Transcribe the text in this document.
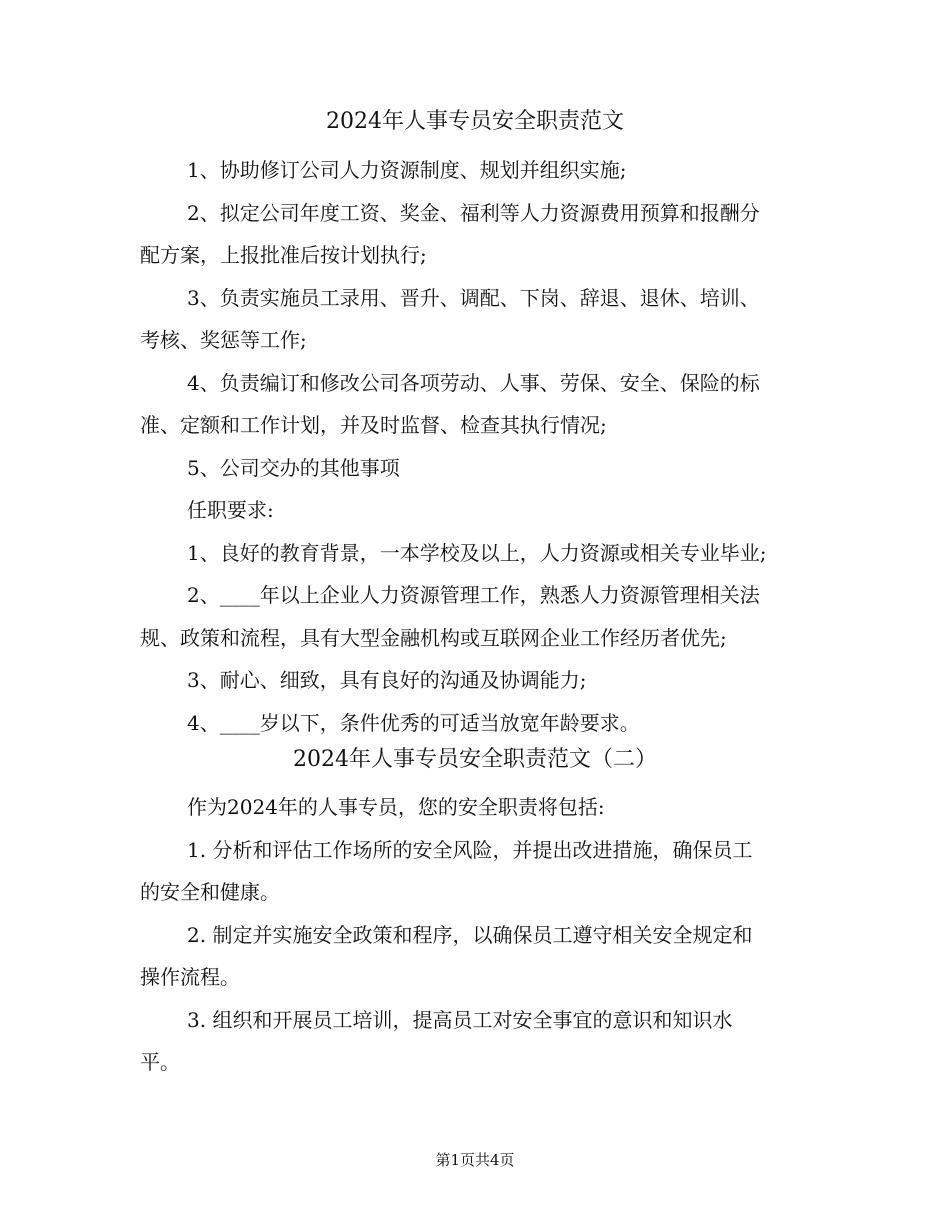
2024年人事专员安全职责范文
1、协助修订公司人力资源制度、规划并组织实施;
2、拟定公司年度工资、奖金、福利等人力资源费用预算和报酬分
配方案，上报批准后按计划执行;
3、负责实施员工录用、晋升、调配、下岗、辞退、退休、培训、
考核、奖惩等工作;
4、负责编订和修改公司各项劳动、人事、劳保、安全、保险的标
准、定额和工作计划，并及时监督、检查其执行情况;
5、公司交办的其他事项
任职要求:
1、良好的教育背景，一本学校及以上，人力资源或相关专业毕业;
2、____年以上企业人力资源管理工作，熟悉人力资源管理相关法
规、政策和流程，具有大型金融机构或互联网企业工作经历者优先;
3、耐心、细致，具有良好的沟通及协调能力;
4、____岁以下，条件优秀的可适当放宽年龄要求。
2024年人事专员安全职责范文（二）
作为2024年的人事专员，您的安全职责将包括:
1. 分析和评估工作场所的安全风险，并提出改进措施，确保员工
的安全和健康。
2. 制定并实施安全政策和程序，以确保员工遵守相关安全规定和
操作流程。
3. 组织和开展员工培训，提高员工对安全事宜的意识和知识水
平。
第1页共4页
